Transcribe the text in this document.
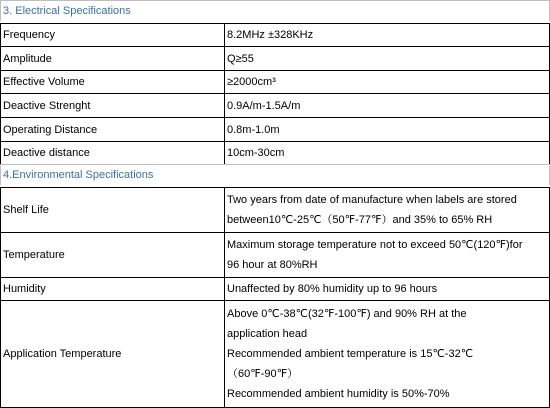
3. Electrical Specifications
Frequency	8.2MHz ±328KHz
Amplitude	Q≥55
Effective Volume	≥2000cm³
Deactive Strenght	0.9A/m-1.5A/m
Operating Distance	0.8m-1.0m
Deactive distance	10cm-30cm
4.Environmental Specifications
Shelf Life	Two years from date of manufacture when labels are stored
between10℃-25℃（50℉-77℉）and 35% to 65% RH

Temperature	Maximum storage temperature not to exceed 50℃(120℉)for
96 hour at 80%RH

Humidity	Unaffected by 80% humidity up to 96 hours
Application Temperature	Above 0℃-38℃(32℉-100℉) and 90% RH at the
application head
Recommended ambient temperature is 15℃-32℃
（60℉-90℉）
Recommended ambient humidity is 50%-70%
